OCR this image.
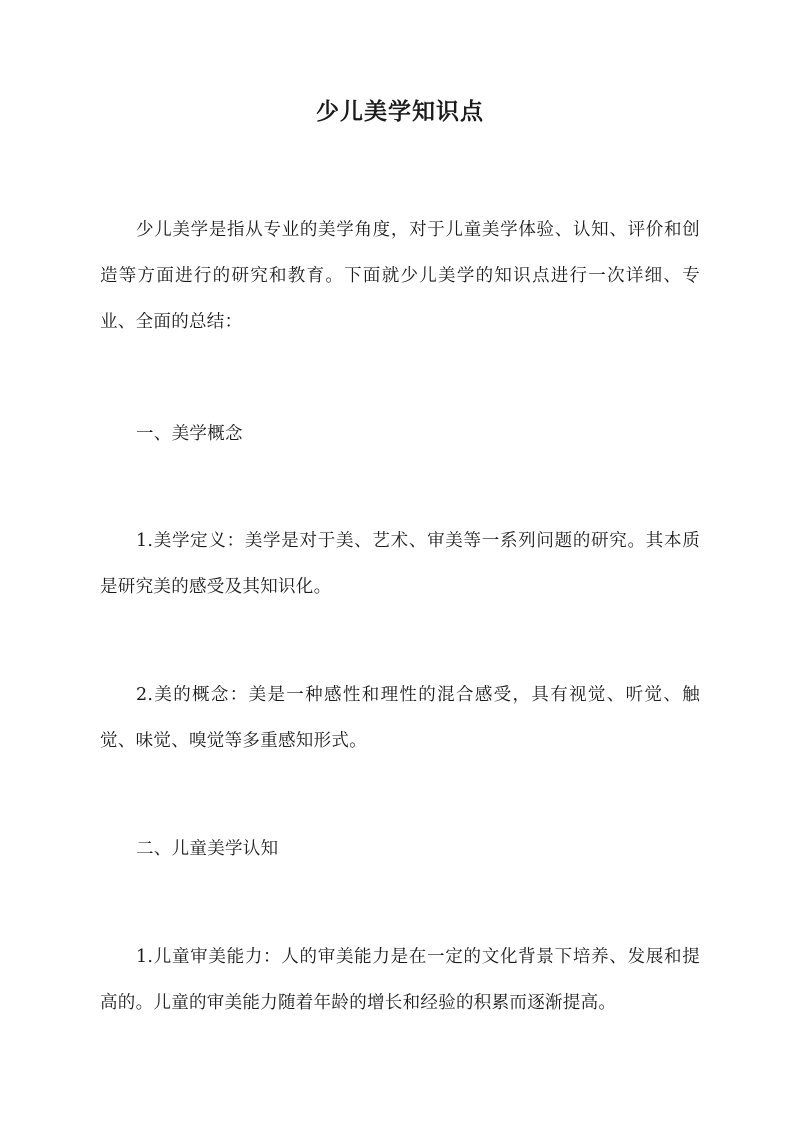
少儿美学知识点

少儿美学是指从专业的美学角度，对于儿童美学体验、认知、评价和创造等方面进行的研究和教育。下面就少儿美学的知识点进行一次详细、专业、全面的总结：

一、美学概念

1.美学定义：美学是对于美、艺术、审美等一系列问题的研究。其本质是研究美的感受及其知识化。

2.美的概念：美是一种感性和理性的混合感受，具有视觉、听觉、触觉、味觉、嗅觉等多重感知形式。

二、儿童美学认知

1.儿童审美能力：人的审美能力是在一定的文化背景下培养、发展和提高的。儿童的审美能力随着年龄的增长和经验的积累而逐渐提高。
